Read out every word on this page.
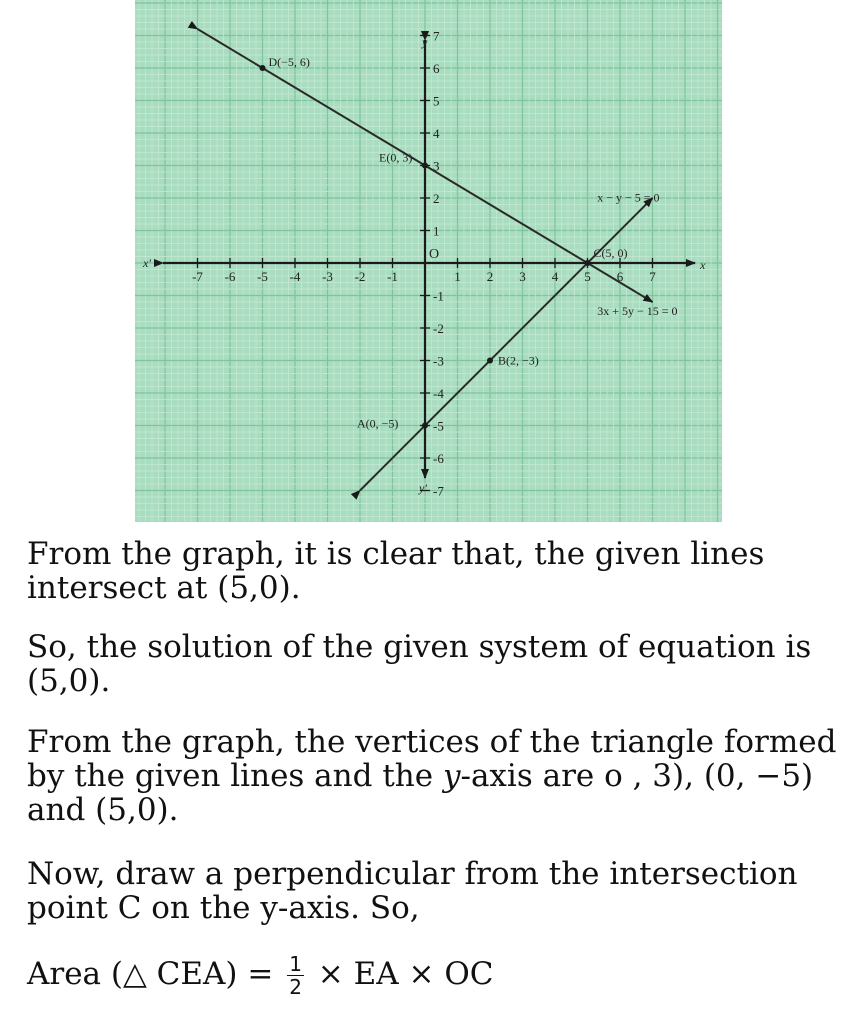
x
x'
y
y'
O
-7 -6 -5 -4 -3 -2 -1	1 2 3 4 5 6 7
-7
-6
-5
-4
-3
-2
-1
1
2
3
4
5
6
7
x − y − 5 = 0
3x + 5y − 15 = 0
D(−5, 6)
E(0, 3)
C(5, 0)
B(2, −3)
A(0, −5)

From the graph, it is clear that, the given lines intersect at (5,0).

So, the solution of the given system of equation is (5,0).

From the graph, the vertices of the triangle formed by the given lines and the y-axis are o , 3), (0, −5) and (5,0).

Now, draw a perpendicular from the intersection point C on the y-axis. So,

Area (△ $CEA) = \frac{1}{2}$ × EA × OC
